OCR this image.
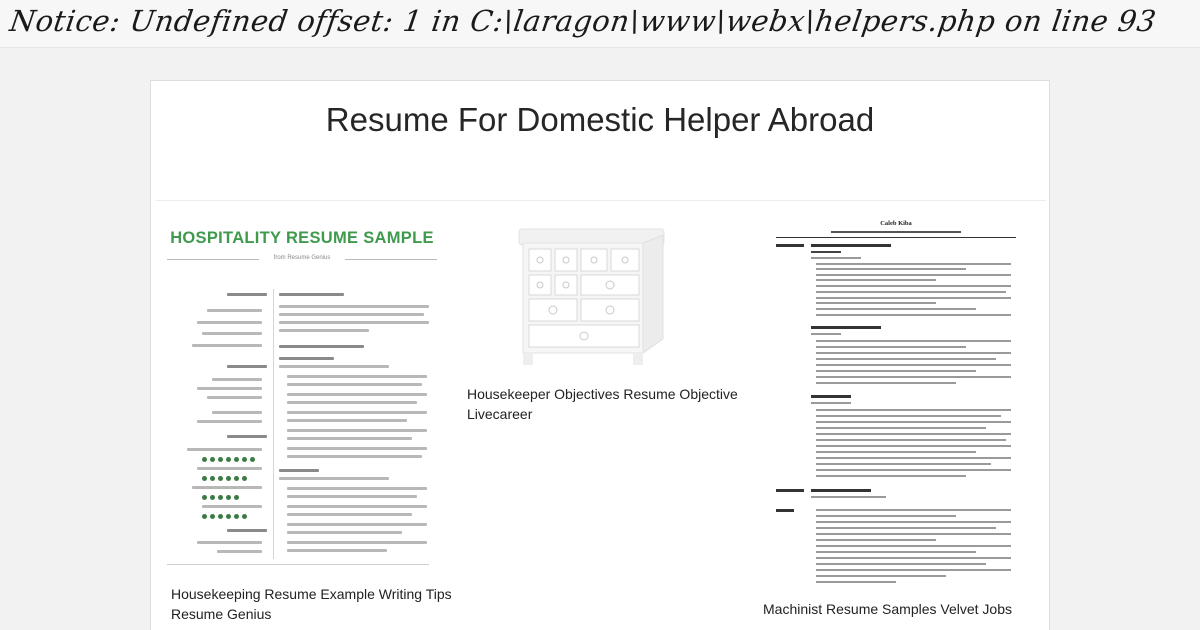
Notice: Undefined offset: 1 in C:\laragon\www\webx\helpers.php on line 93
Resume For Domestic Helper Abroad
HOSPITALITY RESUME SAMPLE
from Resume Genius
Housekeeping Resume Example Writing Tips
Resume Genius
Housekeeper Objectives Resume Objective
Livecareer
Caleb Kiba
Machinist Resume Samples Velvet Jobs
